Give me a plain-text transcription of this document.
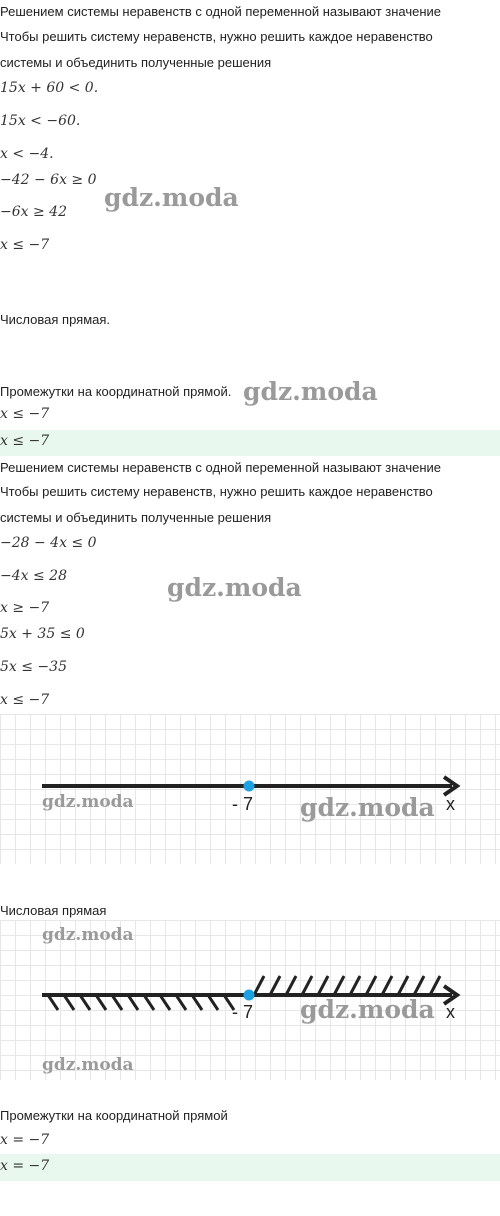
Решением системы неравенств с одной переменной называют значение
Чтобы решить систему неравенств, нужно решить каждое неравенство
системы и объединить полученные решения
15x + 60 < 0.
15x < −60.
x < −4.
−42 − 6x ≥ 0
−6x ≥ 42
x ≤ −7
gdz.moda
Числовая прямая.
Промежутки на координатной прямой. gdz.moda
x ≤ −7
x ≤ −7
Решением системы неравенств с одной переменной называют значение
Чтобы решить систему неравенств, нужно решить каждое неравенство
системы и объединить полученные решения
−28 − 4x ≤ 0
−4x ≤ 28
x ≥ −7
5x + 35 ≤ 0
5x ≤ −35
x ≤ −7
gdz.moda
- 7	x
gdz.moda	gdz.moda
Числовая прямая
- 7	x
gdz.moda
gdz.moda
gdz.moda
Промежутки на координатной прямой
x = −7
x = −7
